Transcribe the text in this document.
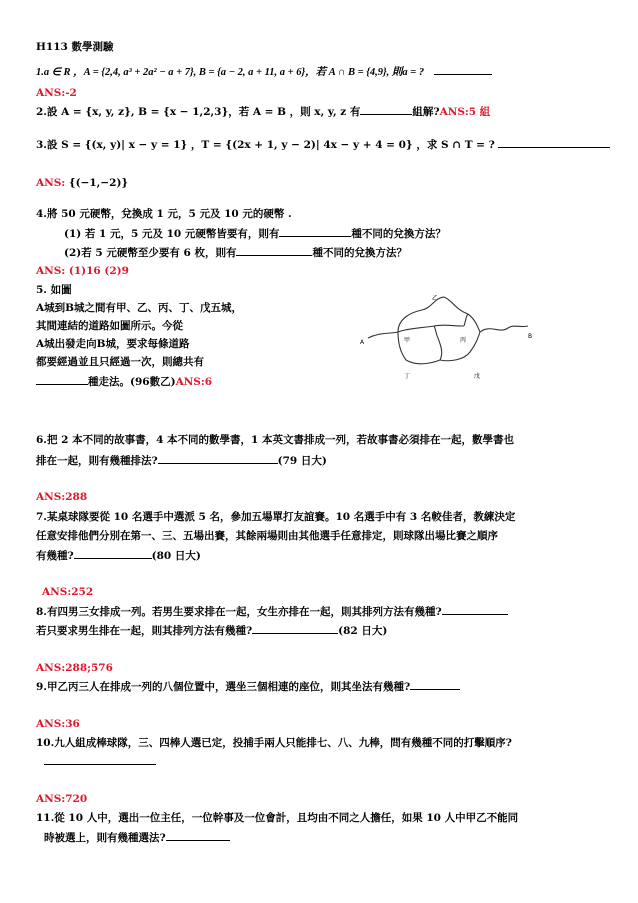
H113 數學測驗
1.a ∈ R ，A = {2,4, a³ + 2a² − a + 7}, B = {a − 2, a + 11, a + 6}，若 A ∩ B = {4,9}, 則a = ?
ANS:-2
2.設 A = {x, y, z}, B = {x − 1,2,3}，若 A = B ，則 x, y, z 有	組解?ANS:5 組
3.設 S = {(x, y)| x − y = 1} ，T = {(2x + 1, y − 2)| 4x − y + 4 = 0} ，求 S ∩ T = ?
ANS: {(−1,−2)}
4.將 50 元硬幣，兌換成 1 元，5 元及 10 元的硬幣 .
(1) 若 1 元，5 元及 10 元硬幣皆要有，則有	種不同的兌換方法？
(2)若 5 元硬幣至少要有 6 枚，則有	種不同的兌換方法？
ANS: (1)16 (2)9
5. 如圖
A城到B城之間有甲、乙、丙、丁、戊五城，
其間連結的道路如圖所示。今從
A城出發走向B城，要求每條道路
都要經過並且只經過一次，則總共有
種走法。(96數乙)ANS:6
A
B
甲
乙
丙
丁	戊
6.把 2 本不同的故事書，4 本不同的數學書，1 本英文書排成一列，若故事書必須排在一起，數學書也
排在一起，則有幾種排法?	(79 日大)
ANS:288
7.某桌球隊要從 10 名選手中選派 5 名，參加五場單打友誼賽。10 名選手中有 3 名較佳者，教練決定
任意安排他們分別在第一、三、五場出賽，其餘兩場則由其他選手任意排定，則球隊出場比賽之順序
有幾種?	(80 日大)
ANS:252
8.有四男三女排成一列。若男生要求排在一起，女生亦排在一起，則其排列方法有幾種?
若只要求男生排在一起，則其排列方法有幾種?	(82 日大)
ANS:288;576
9.甲乙丙三人在排成一列的八個位置中，選坐三個相連的座位，則其坐法有幾種?
ANS:36
10.九人組成棒球隊，三、四棒人選已定，投捕手兩人只能排七、八、九棒，問有幾種不同的打擊順序?
ANS:720
11.從 10 人中，選出一位主任，一位幹事及一位會計，且均由不同之人擔任，如果 10 人中甲乙不能同
時被選上，則有幾種選法?
